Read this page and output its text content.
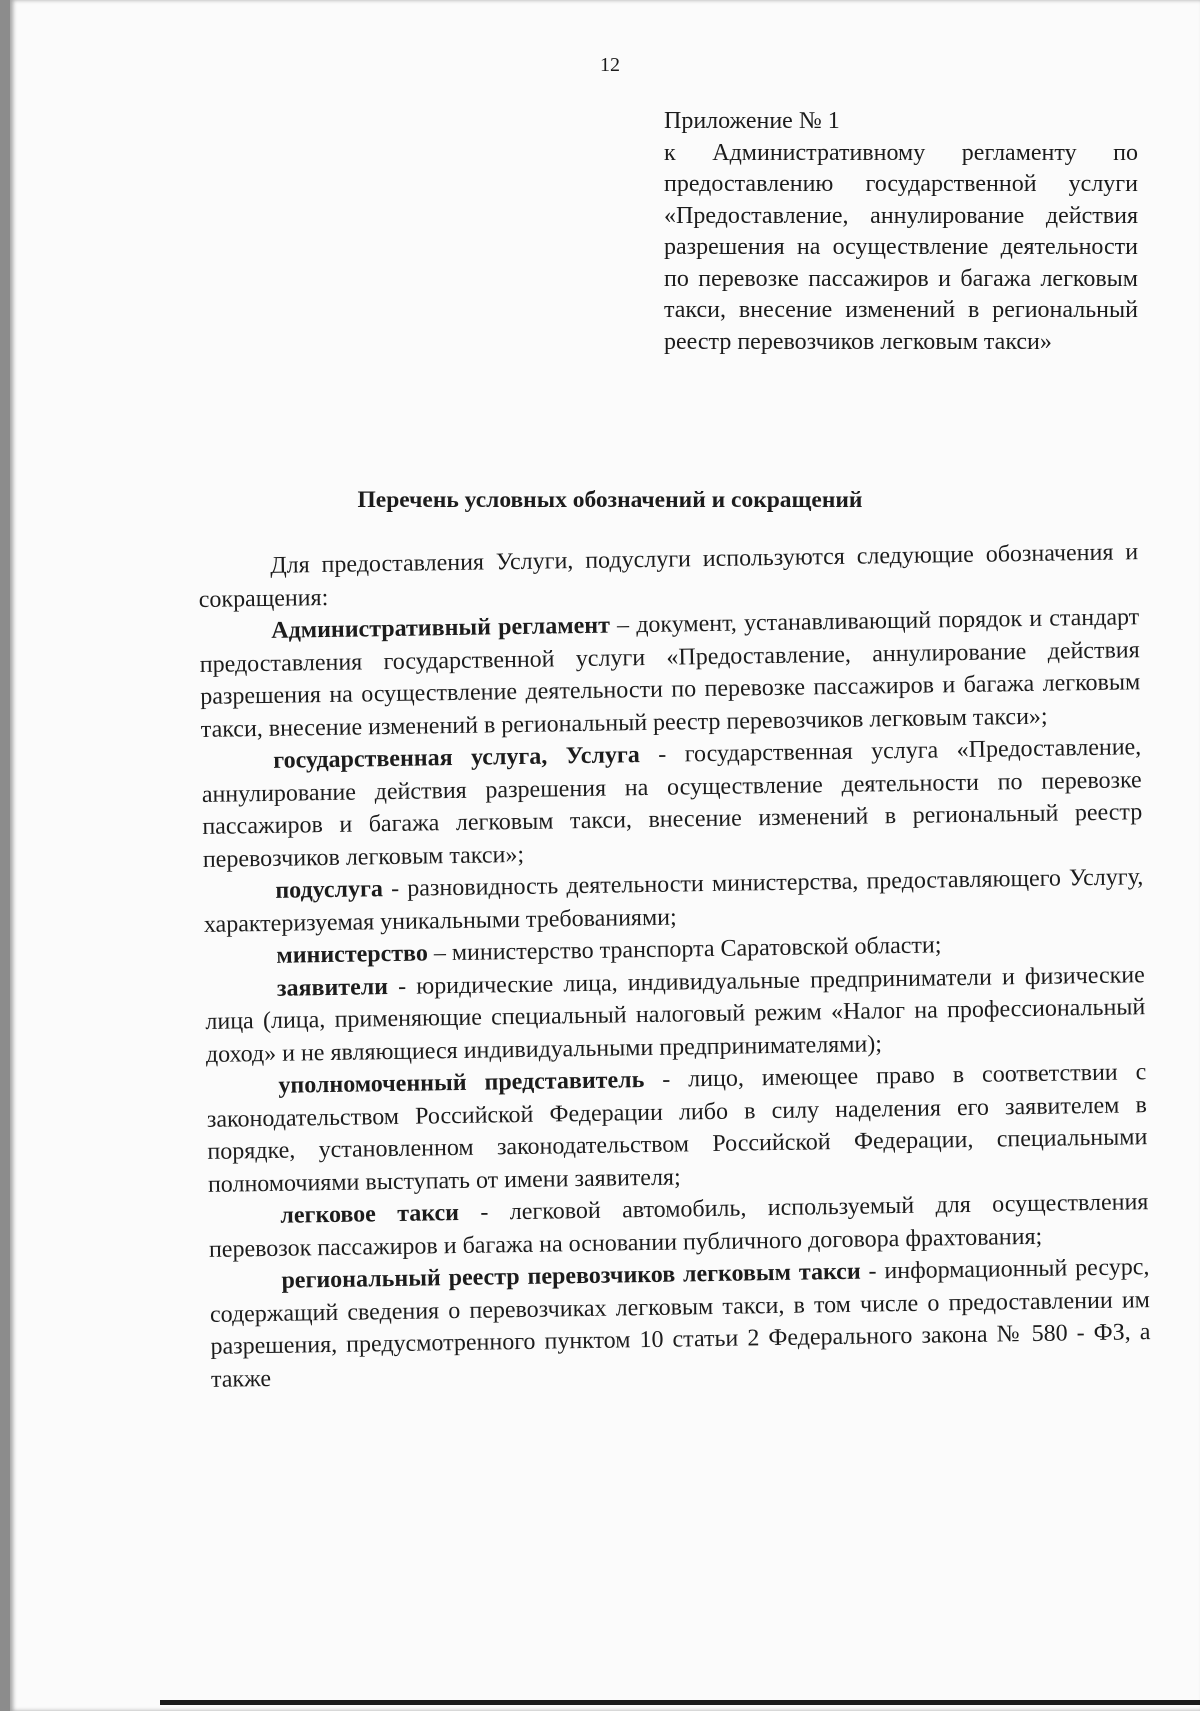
12
Приложение № 1
к Административному регламенту по предоставлению государственной услуги «Предоставление, аннулирование действия разрешения на осуществление деятельности по перевозке пассажиров и багажа легковым такси, внесение изменений в региональный реестр перевозчиков легковым такси»
Перечень условных обозначений и сокращений

Для предоставления Услуги, подуслуги используются следующие обозначения и сокращения:

Административный регламент – документ, устанавливающий порядок и стандарт предоставления государственной услуги «Предоставление, аннулирование действия разрешения на осуществление деятельности по перевозке пассажиров и багажа легковым такси, внесение изменений в региональный реестр перевозчиков легковым такси»;

государственная услуга, Услуга - государственная услуга «Предоставление, аннулирование действия разрешения на осуществление деятельности по перевозке пассажиров и багажа легковым такси, внесение изменений в региональный реестр перевозчиков легковым такси»;

подуслуга - разновидность деятельности министерства, предоставляющего Услугу, характеризуемая уникальными требованиями;

министерство – министерство транспорта Саратовской области;

заявители - юридические лица, индивидуальные предприниматели и физические лица (лица, применяющие специальный налоговый режим «Налог на профессиональный доход» и не являющиеся индивидуальными предпринимателями);

уполномоченный представитель - лицо, имеющее право в соответствии с законодательством Российской Федерации либо в силу наделения его заявителем в порядке, установленном законодательством Российской Федерации, специальными полномочиями выступать от имени заявителя;

легковое такси - легковой автомобиль, используемый для осуществления перевозок пассажиров и багажа на основании публичного договора фрахтования;

региональный реестр перевозчиков легковым такси - информационный ресурс, содержащий сведения о перевозчиках легковым такси, в том числе о предоставлении им разрешения, предусмотренного пунктом 10 статьи 2 Федерального закона № 580 - ФЗ, а также
